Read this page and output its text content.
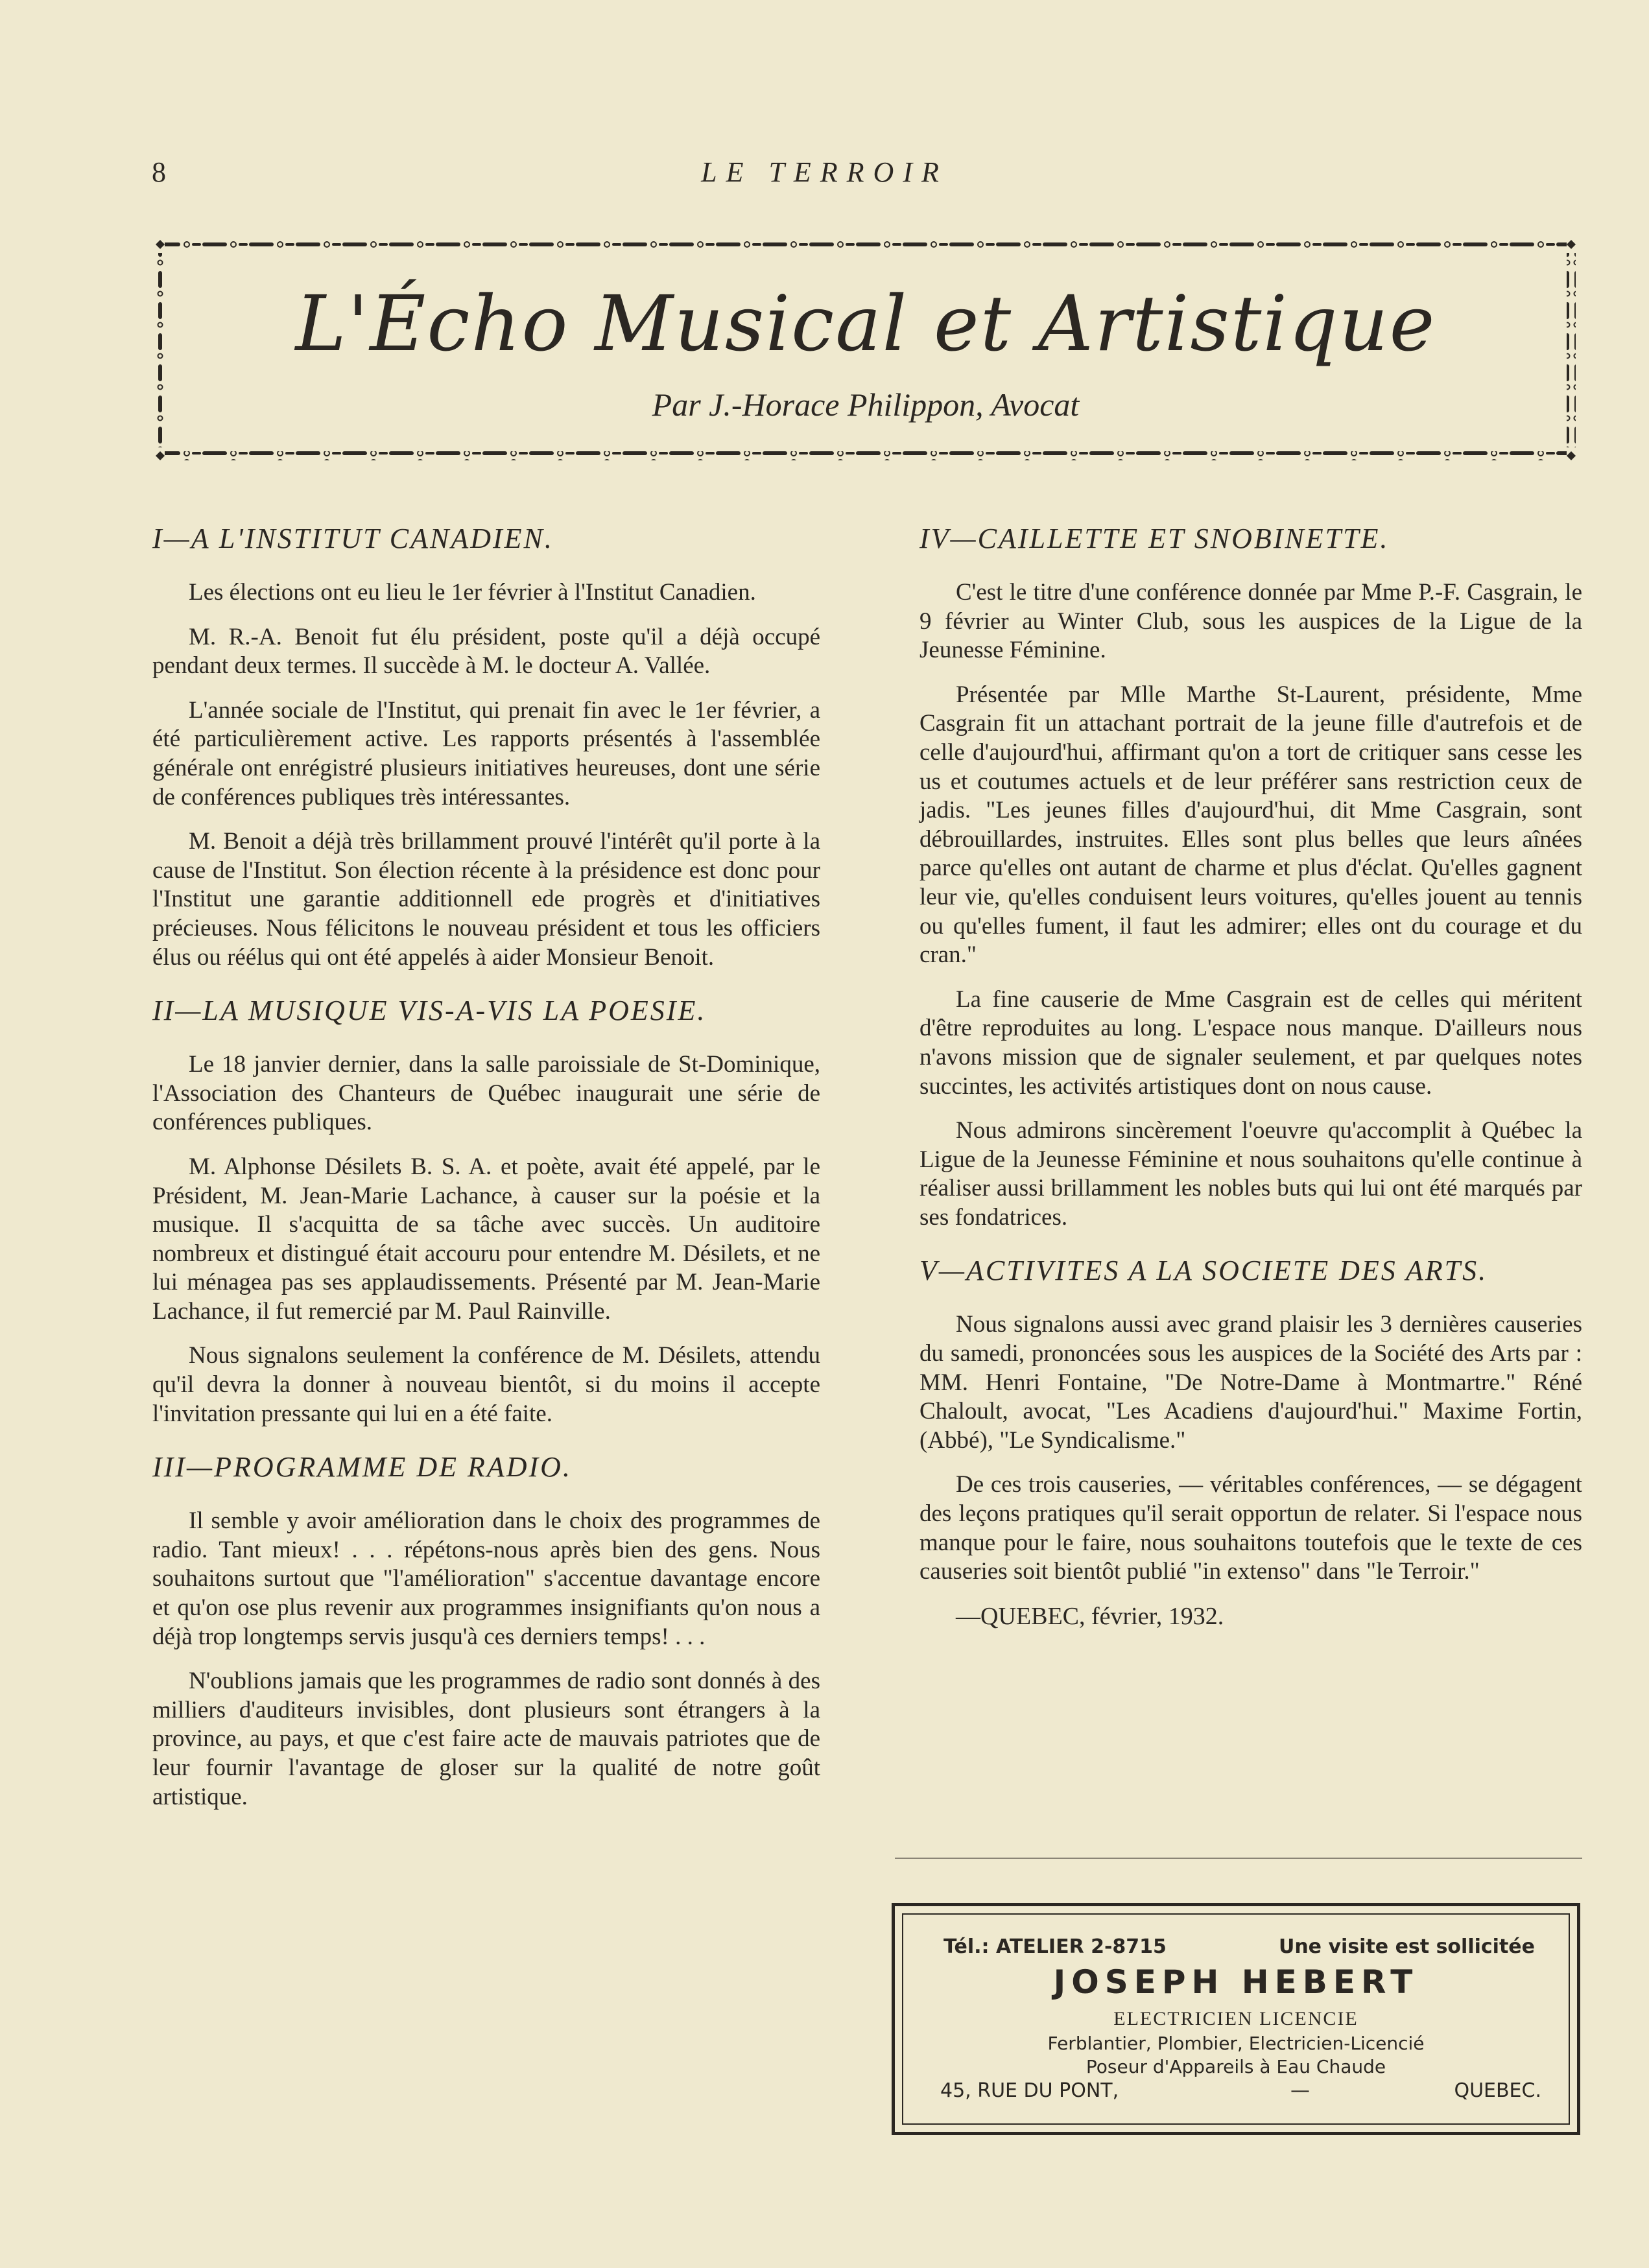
8	LE TERROIR
L'Écho Musical et Artistique
Par J.-Horace Philippon, Avocat
I—A L'INSTITUT CANADIEN.

Les élections ont eu lieu le 1er février à l'Institut Canadien.

M. R.-A. Benoit fut élu président, poste qu'il a déjà occupé pendant deux termes. Il succède à M. le docteur A. Vallée.

L'année sociale de l'Institut, qui prenait fin avec le 1er février, a été particulièrement active. Les rapports présentés à l'assemblée générale ont enrégistré plusieurs initiatives heureuses, dont une série de conférences publiques très intéressantes.

M. Benoit a déjà très brillamment prouvé l'intérêt qu'il porte à la cause de l'Institut. Son élection récente à la présidence est donc pour l'Institut une garantie additionnell ede progrès et d'initiatives précieuses. Nous félicitons le nouveau président et tous les officiers élus ou réélus qui ont été appelés à aider Monsieur Benoit.

II—LA MUSIQUE VIS-A-VIS LA POESIE.

Le 18 janvier dernier, dans la salle paroissiale de St-Dominique, l'Association des Chanteurs de Québec inaugurait une série de conférences publiques.

M. Alphonse Désilets B. S. A. et poète, avait été appelé, par le Président, M. Jean-Marie Lachance, à causer sur la poésie et la musique. Il s'acquitta de sa tâche avec succès. Un auditoire nombreux et distingué était accouru pour entendre M. Désilets, et ne lui ménagea pas ses applaudissements. Présenté par M. Jean-Marie Lachance, il fut remercié par M. Paul Rainville.

Nous signalons seulement la conférence de M. Désilets, attendu qu'il devra la donner à nouveau bientôt, si du moins il accepte l'invitation pressante qui lui en a été faite.

III—PROGRAMME DE RADIO.

Il semble y avoir amélioration dans le choix des programmes de radio. Tant mieux! . . . répétons-nous après bien des gens. Nous souhaitons surtout que "l'amélioration" s'accentue davantage encore et qu'on ose plus revenir aux programmes insignifiants qu'on nous a déjà trop longtemps servis jusqu'à ces derniers temps! . . .

N'oublions jamais que les programmes de radio sont donnés à des milliers d'auditeurs invisibles, dont plusieurs sont étrangers à la province, au pays, et que c'est faire acte de mauvais patriotes que de leur fournir l'avantage de gloser sur la qualité de notre goût artistique.

IV—CAILLETTE ET SNOBINETTE.

C'est le titre d'une conférence donnée par Mme P.-F. Casgrain, le 9 février au Winter Club, sous les auspices de la Ligue de la Jeunesse Féminine.

Présentée par Mlle Marthe St-Laurent, présidente, Mme Casgrain fit un attachant portrait de la jeune fille d'autrefois et de celle d'aujourd'hui, affirmant qu'on a tort de critiquer sans cesse les us et coutumes actuels et de leur préférer sans restriction ceux de jadis. "Les jeunes filles d'aujourd'hui, dit Mme Casgrain, sont débrouillardes, instruites. Elles sont plus belles que leurs aînées parce qu'elles ont autant de charme et plus d'éclat. Qu'elles gagnent leur vie, qu'elles conduisent leurs voitures, qu'elles jouent au tennis ou qu'elles fument, il faut les admirer; elles ont du courage et du cran."

La fine causerie de Mme Casgrain est de celles qui méritent d'être reproduites au long. L'espace nous manque. D'ailleurs nous n'avons mission que de signaler seulement, et par quelques notes succintes, les activités artistiques dont on nous cause.

Nous admirons sincèrement l'oeuvre qu'accomplit à Québec la Ligue de la Jeunesse Féminine et nous souhaitons qu'elle continue à réaliser aussi brillamment les nobles buts qui lui ont été marqués par ses fondatrices.

V—ACTIVITES A LA SOCIETE DES ARTS.

Nous signalons aussi avec grand plaisir les 3 dernières causeries du samedi, prononcées sous les auspices de la Société des Arts par : MM. Henri Fontaine, "De Notre-Dame à Montmartre." Réné Chaloult, avocat, "Les Acadiens d'aujourd'hui." Maxime Fortin, (Abbé), "Le Syndicalisme."

De ces trois causeries, — véritables conférences, — se dégagent des leçons pratiques qu'il serait opportun de relater. Si l'espace nous manque pour le faire, nous souhaitons toutefois que le texte de ces causeries soit bientôt publié "in extenso" dans "le Terroir."

—QUEBEC, février, 1932.
Tél.: ATELIER 2-8715	Une visite est sollicitée
JOSEPH HEBERT
ELECTRICIEN LICENCIE
Ferblantier, Plombier, Electricien-Licencié
Poseur d'Appareils à Eau Chaude
45, RUE DU PONT,	—	QUEBEC.
